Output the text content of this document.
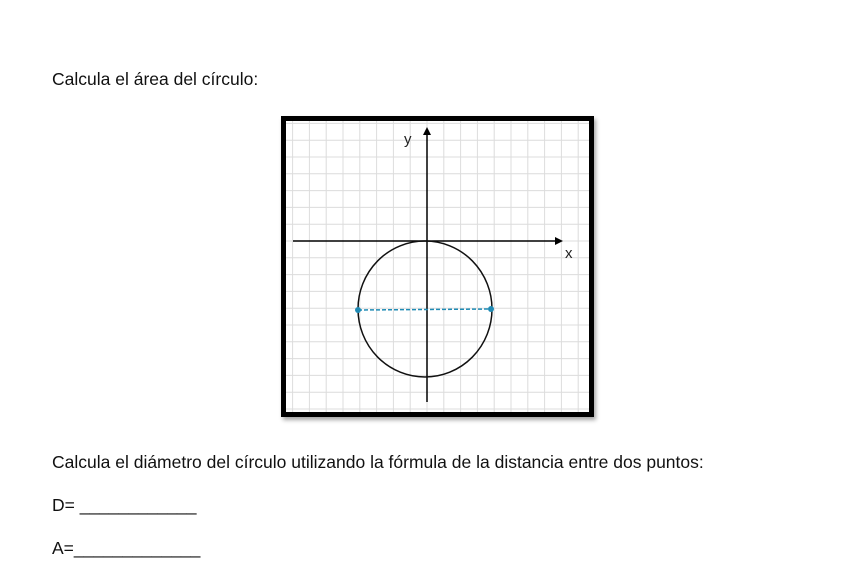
Calcula el área del círculo:
x
y
Calcula el diámetro del círculo utilizando la fórmula de la distancia entre dos puntos:
D= ____________
A=_____________
